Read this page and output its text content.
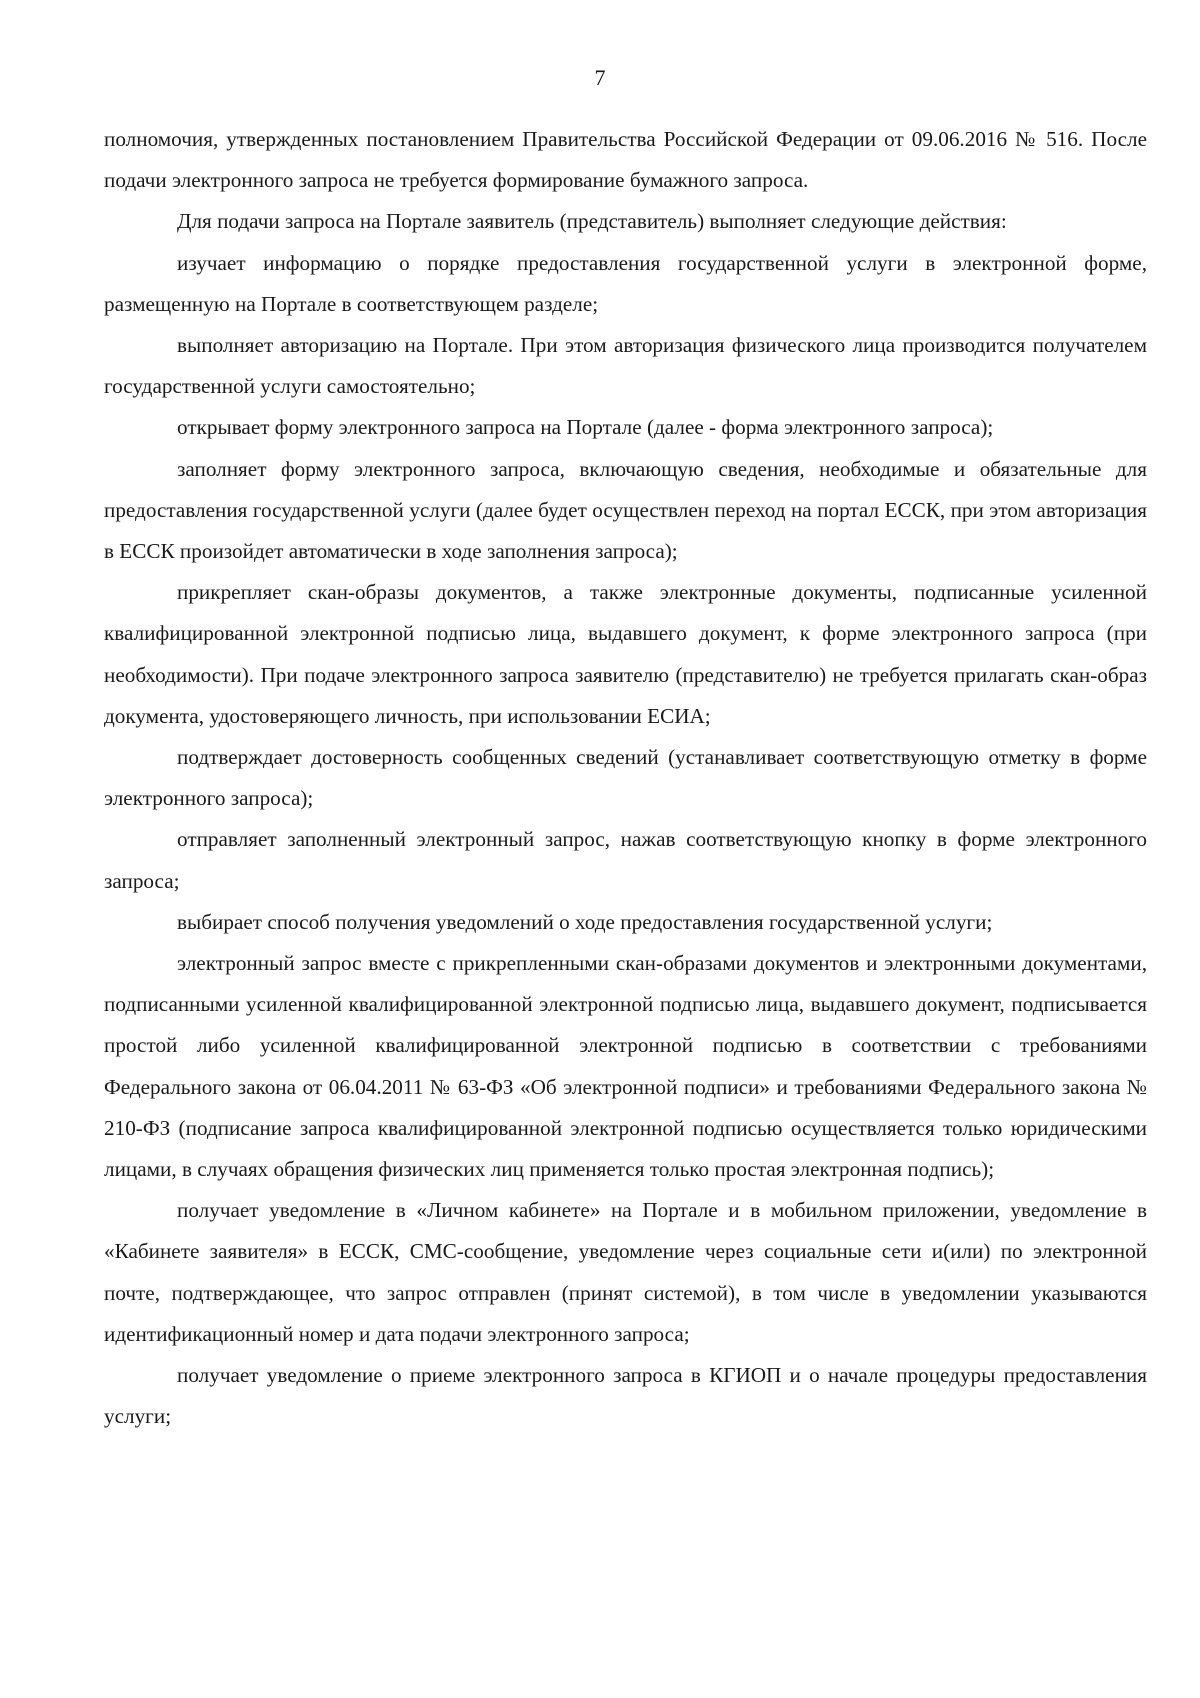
7

полномочия, утвержденных постановлением Правительства Российской Федерации от 09.06.2016 № 516. После подачи электронного запроса не требуется формирование бумажного запроса.

Для подачи запроса на Портале заявитель (представитель) выполняет следующие действия:

изучает информацию о порядке предоставления государственной услуги в электронной форме, размещенную на Портале в соответствующем разделе;

выполняет авторизацию на Портале. При этом авторизация физического лица производится получателем государственной услуги самостоятельно;

открывает форму электронного запроса на Портале (далее - форма электронного запроса);

заполняет форму электронного запроса, включающую сведения, необходимые и обязательные для предоставления государственной услуги (далее будет осуществлен переход на портал ЕССК, при этом авторизация в ЕССК произойдет автоматически в ходе заполнения запроса);

прикрепляет скан-образы документов, а также электронные документы, подписанные усиленной квалифицированной электронной подписью лица, выдавшего документ, к форме электронного запроса (при необходимости). При подаче электронного запроса заявителю (представителю) не требуется прилагать скан-образ документа, удостоверяющего личность, при использовании ЕСИА;

подтверждает достоверность сообщенных сведений (устанавливает соответствующую отметку в форме электронного запроса);

отправляет заполненный электронный запрос, нажав соответствующую кнопку в форме электронного запроса;

выбирает способ получения уведомлений о ходе предоставления государственной услуги;

электронный запрос вместе с прикрепленными скан-образами документов и электронными документами, подписанными усиленной квалифицированной электронной подписью лица, выдавшего документ, подписывается простой либо усиленной квалифицированной электронной подписью в соответствии с требованиями Федерального закона от 06.04.2011 № 63-ФЗ «Об электронной подписи» и требованиями Федерального закона № 210-ФЗ (подписание запроса квалифицированной электронной подписью осуществляется только юридическими лицами, в случаях обращения физических лиц применяется только простая электронная подпись);

получает уведомление в «Личном кабинете» на Портале и в мобильном приложении, уведомление в «Кабинете заявителя» в ЕССК, СМС-сообщение, уведомление через социальные сети и(или) по электронной почте, подтверждающее, что запрос отправлен (принят системой), в том числе в уведомлении указываются идентификационный номер и дата подачи электронного запроса;

получает уведомление о приеме электронного запроса в КГИОП и о начале процедуры предоставления услуги;
